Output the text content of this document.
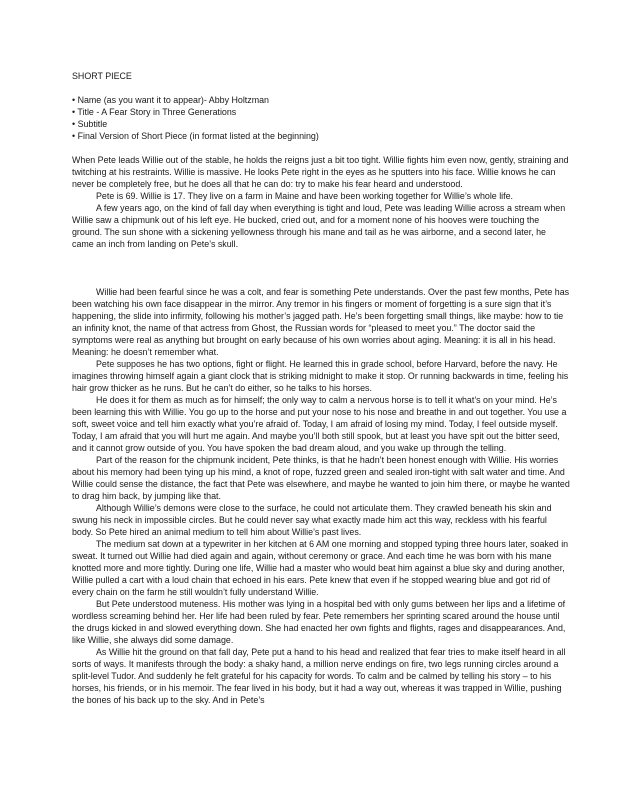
SHORT PIECE
• Name (as you want it to appear)- Abby Holtzman
• Title - A Fear Story in Three Generations
• Subtitle
• Final Version of Short Piece (in format listed at the beginning)

When Pete leads Willie out of the stable, he holds the reigns just a bit too tight. Willie fights him even now, gently, straining and twitching at his restraints. Willie is massive. He looks Pete right in the eyes as he sputters into his face. Willie knows he can never be completely free, but he does all that he can do: try to make his fear heard and understood.

Pete is 69. Willie is 17. They live on a farm in Maine and have been working together for Willie’s whole life.

A few years ago, on the kind of fall day when everything is tight and loud, Pete was leading Willie across a stream when Willie saw a chipmunk out of his left eye. He bucked, cried out, and for a moment none of his hooves were touching the ground. The sun shone with a sickening yellowness through his mane and tail as he was airborne, and a second later, he came an inch from landing on Pete’s skull.

Willie had been fearful since he was a colt, and fear is something Pete understands. Over the past few months, Pete has been watching his own face disappear in the mirror. Any tremor in his fingers or moment of forgetting is a sure sign that it’s happening, the slide into infirmity, following his mother’s jagged path. He’s been forgetting small things, like maybe: how to tie an infinity knot, the name of that actress from Ghost, the Russian words for “pleased to meet you.” The doctor said the symptoms were real as anything but brought on early because of his own worries about aging. Meaning: it is all in his head. Meaning: he doesn’t remember what.

Pete supposes he has two options, fight or flight. He learned this in grade school, before Harvard, before the navy. He imagines throwing himself again a giant clock that is striking midnight to make it stop. Or running backwards in time, feeling his hair grow thicker as he runs. But he can’t do either, so he talks to his horses.

He does it for them as much as for himself; the only way to calm a nervous horse is to tell it what’s on your mind. He’s been learning this with Willie. You go up to the horse and put your nose to his nose and breathe in and out together. You use a soft, sweet voice and tell him exactly what you’re afraid of. Today, I am afraid of losing my mind. Today, I feel outside myself. Today, I am afraid that you will hurt me again. And maybe you’ll both still spook, but at least you have spit out the bitter seed, and it cannot grow outside of you. You have spoken the bad dream aloud, and you wake up through the telling.

Part of the reason for the chipmunk incident, Pete thinks, is that he hadn’t been honest enough with Willie. His worries about his memory had been tying up his mind, a knot of rope, fuzzed green and sealed iron-tight with salt water and time. And Willie could sense the distance, the fact that Pete was elsewhere, and maybe he wanted to join him there, or maybe he wanted to drag him back, by jumping like that.

Although Willie’s demons were close to the surface, he could not articulate them. They crawled beneath his skin and swung his neck in impossible circles. But he could never say what exactly made him act this way, reckless with his fearful body. So Pete hired an animal medium to tell him about Willie’s past lives.

The medium sat down at a typewriter in her kitchen at 6 AM one morning and stopped typing three hours later, soaked in sweat. It turned out Willie had died again and again, without ceremony or grace. And each time he was born with his mane knotted more and more tightly. During one life, Willie had a master who would beat him against a blue sky and during another, Willie pulled a cart with a loud chain that echoed in his ears. Pete knew that even if he stopped wearing blue and got rid of every chain on the farm he still wouldn’t fully understand Willie.

But Pete understood muteness. His mother was lying in a hospital bed with only gums between her lips and a lifetime of wordless screaming behind her. Her life had been ruled by fear. Pete remembers her sprinting scared around the house until the drugs kicked in and slowed everything down. She had enacted her own fights and flights, rages and disappearances. And, like Willie, she always did some damage.

As Willie hit the ground on that fall day, Pete put a hand to his head and realized that fear tries to make itself heard in all sorts of ways. It manifests through the body: a shaky hand, a million nerve endings on fire, two legs running circles around a split-level Tudor. And suddenly he felt grateful for his capacity for words. To calm and be calmed by telling his story – to his horses, his friends, or in his memoir. The fear lived in his body, but it had a way out, whereas it was trapped in Willie, pushing the bones of his back up to the sky. And in Pete’s
